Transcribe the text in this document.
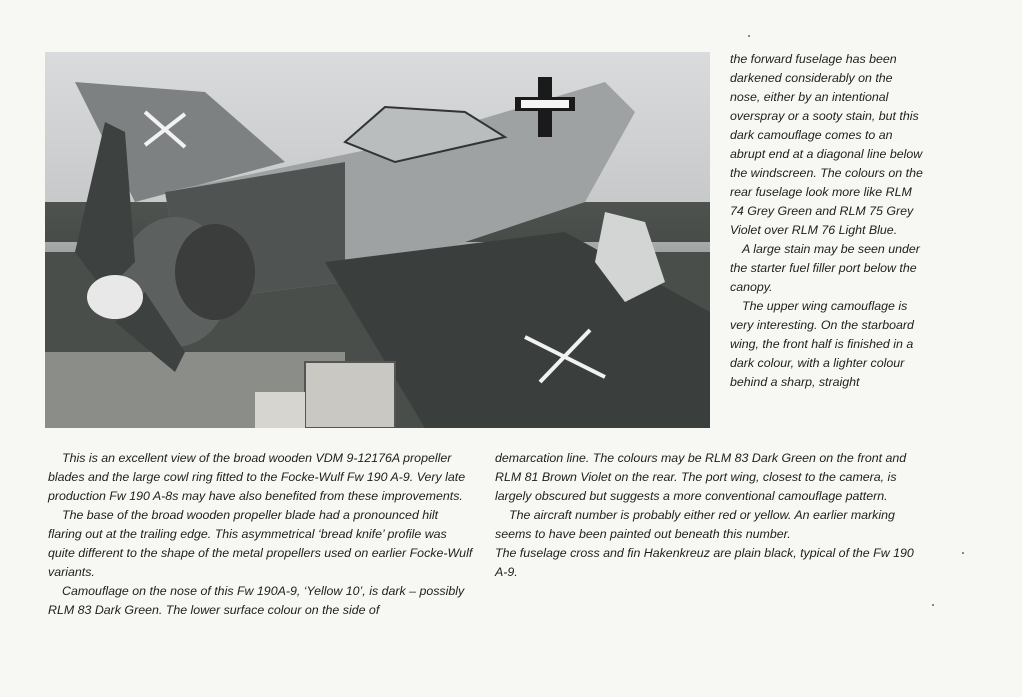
the forward fuselage has been darkened considerably on the nose, either by an intentional overspray or a sooty stain, but this dark camouflage comes to an abrupt end at a diagonal line below the windscreen. The colours on the rear fuselage look more like RLM 74 Grey Green and RLM 75 Grey Violet over RLM 76 Light Blue.

A large stain may be seen under the starter fuel filler port below the canopy.

The upper wing camouflage is very interesting. On the starboard wing, the front half is finished in a dark colour, with a lighter colour behind a sharp, straight

This is an excellent view of the broad wooden VDM 9-12176A propeller blades and the large cowl ring fitted to the Focke-Wulf Fw 190 A-9. Very late production Fw 190 A-8s may have also benefited from these improvements.

The base of the broad wooden propeller blade had a pronounced hilt flaring out at the trailing edge. This asymmetrical ‘bread knife’ profile was quite different to the shape of the metal propellers used on earlier Focke-Wulf variants.

Camouflage on the nose of this Fw 190A-9, ‘Yellow 10’, is dark – possibly RLM 83 Dark Green. The lower surface colour on the side of

demarcation line. The colours may be RLM 83 Dark Green on the front and RLM 81 Brown Violet on the rear. The port wing, closest to the camera, is largely obscured but suggests a more conventional camouflage pattern.

The aircraft number is probably either red or yellow. An earlier marking seems to have been painted out beneath this number.

The fuselage cross and fin Hakenkreuz are plain black, typical of the Fw 190 A-9.
